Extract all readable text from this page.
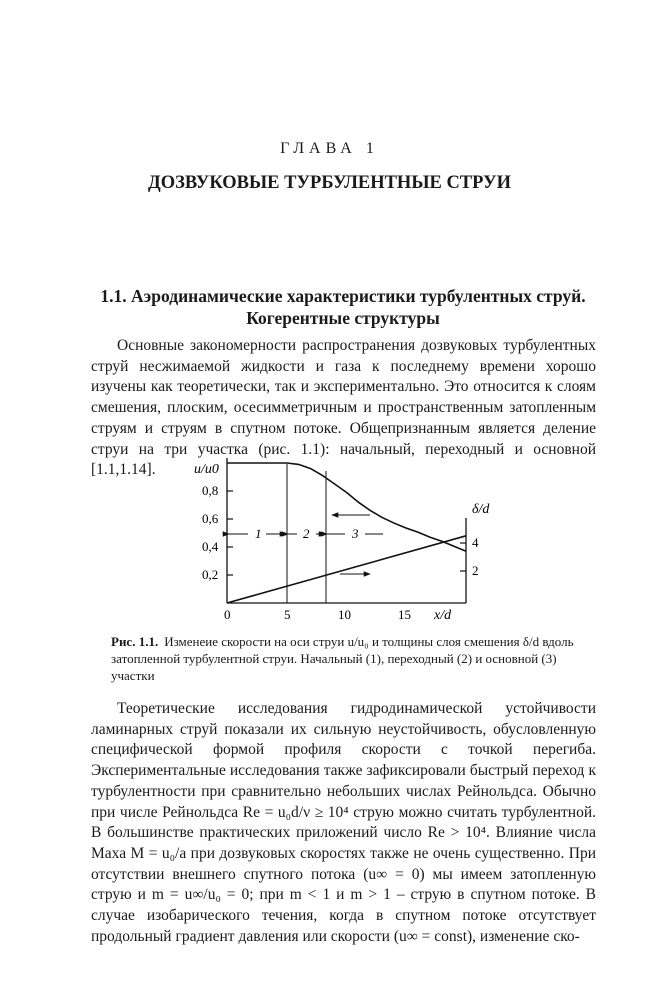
ГЛАВА 1
ДОЗВУКОВЫЕ ТУРБУЛЕНТНЫЕ СТРУИ
1.1. Аэродинамические характеристики турбулентных струй.
Когерентные структуры

Основные закономерности распространения дозвуковых турбулентных струй несжимаемой жидкости и газа к последнему времени хорошо изучены как теоретически, так и экспериментально. Это относится к слоям смешения, плоским, осесимметричным и пространственным затопленным струям и струям в спутном потоке. Общепризнанным является деление струи на три участка (рис. 1.1): начальный, переходный и основной [1.1,1.14].

0,8
0,6
0,4
0,2
4
2
0	5	10	15
u/u0
δ/d
x/d
1	2	3

Рис. 1.1. Изменеие скорости на оси струи u/u₀ и толщины слоя смешения δ/d вдоль затопленной турбулентной струи. Начальный (1), переходный (2) и основной (3) участки

Теоретические исследования гидродинамической устойчивости ламинарных струй показали их сильную неустойчивость, обусловленную специфической формой профиля скорости с точкой перегиба. Экспериментальные исследования также зафиксировали быстрый переход к турбулентности при сравнительно небольших числах Рейнольдса. Обычно при числе Рейнольдса Re = u₀d/ν ≥ 10⁴ струю можно считать турбулентной. В большинстве практических приложений число Re > 10⁴. Влияние числа Маха M = u₀/a при дозвуковых скоростях также не очень существенно. При отсутствии внешнего спутного потока (u∞ = 0) мы имеем затопленную струю и m = u∞/u₀ = 0; при m < 1 и m > 1 – струю в спутном потоке. В случае изобарического течения, когда в спутном потоке отсутствует продольный градиент давления или скорости (u∞ = const), изменение ско-
